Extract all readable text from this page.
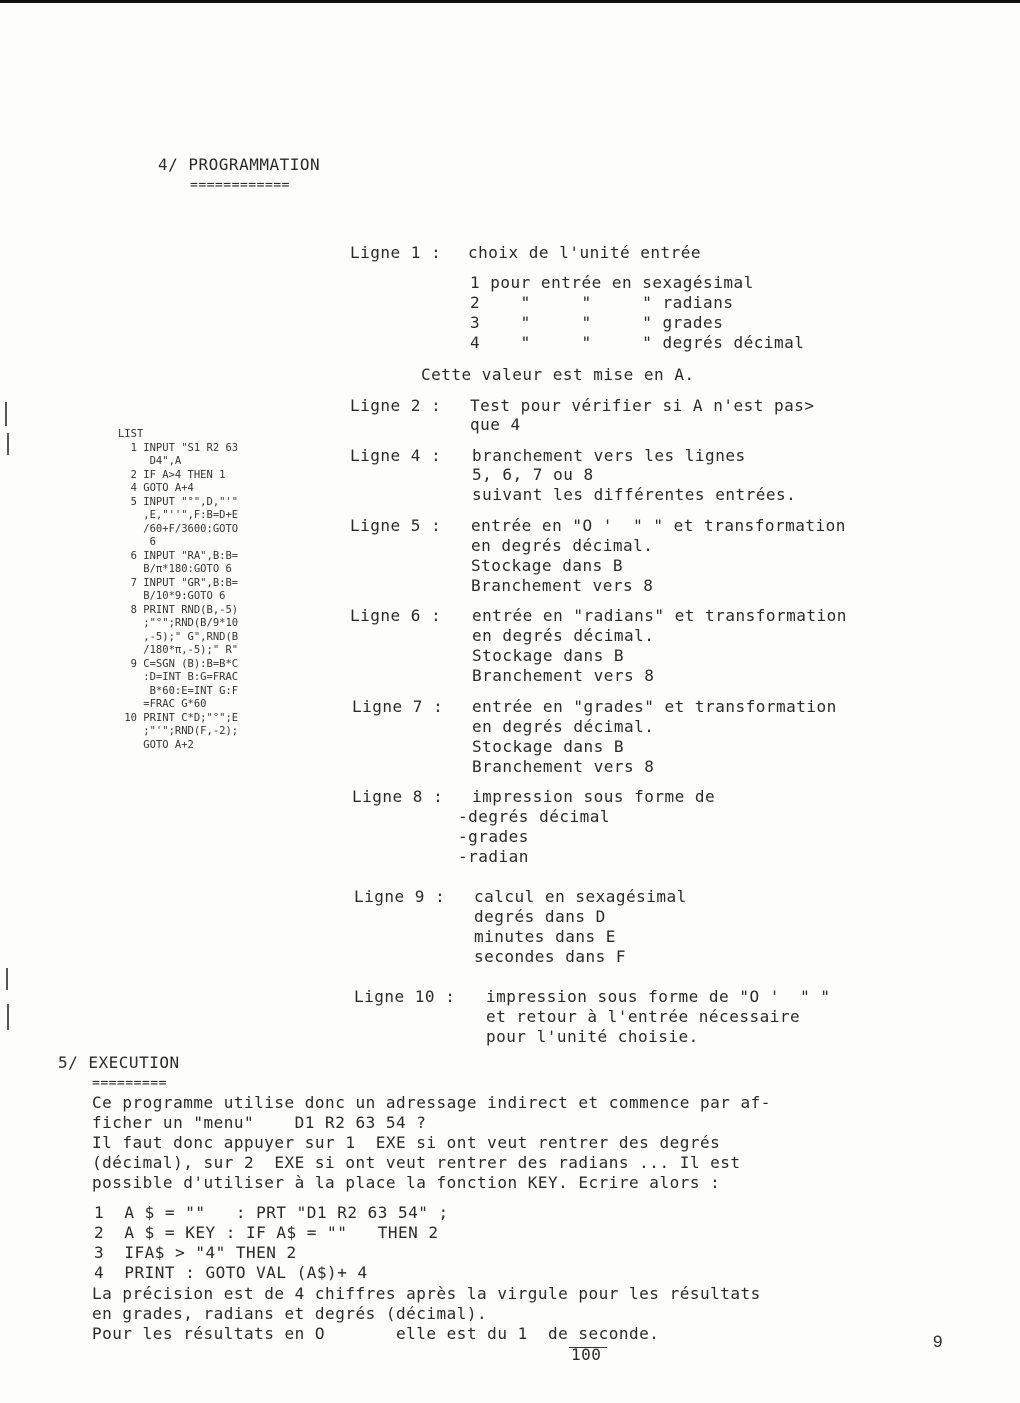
4/ PROGRAMMATION
============
Ligne 1 : choix de l'unité entrée
1 pour entrée en sexagésimal
2    "     "     " radians
3    "     "     " grades
4    "     "     " degrés décimal
Cette valeur est mise en A.
Ligne 2 : Test pour vérifier si A n'est pas>
que 4
Ligne 4 : branchement vers les lignes
5, 6, 7 ou 8
suivant les différentes entrées.
Ligne 5 : entrée en "O '  " " et transformation
en degrés décimal.
Stockage dans B
Branchement vers 8
Ligne 6 : entrée en "radians" et transformation
en degrés décimal.
Stockage dans B
Branchement vers 8
Ligne 7 : entrée en "grades" et transformation
en degrés décimal.
Stockage dans B
Branchement vers 8
Ligne 8 : impression sous forme de
-degrés décimal
-grades
-radian
Ligne 9 : calcul en sexagésimal
degrés dans D
minutes dans E
secondes dans F
Ligne 10 : impression sous forme de "O '  " "
et retour à l'entrée nécessaire
pour l'unité choisie.
LIST
1 INPUT "S1 R2 63
D4",A
2 IF A>4 THEN 1
4 GOTO A+4
5 INPUT "°",D,"'"
,E,"''",F:B=D+E
/60+F/3600:GOTO
6
6 INPUT "RA",B:B=
B/π*180:GOTO 6
7 INPUT "GR",B:B=
B/10*9:GOTO 6
8 PRINT RND(B,-5)
;"°";RND(B/9*10
,-5);" G",RND(B
/180*π,-5);" R"
9 C=SGN (B):B=B*C
:D=INT B:G=FRAC
B*60:E=INT G:F
=FRAC G*60
10 PRINT C*D;"°";E
;"'";RND(F,-2);
GOTO A+2
5/ EXECUTION
=========
Ce programme utilise donc un adressage indirect et commence par af-
ficher un "menu"    D1 R2 63 54 ?
Il faut donc appuyer sur 1  EXE si ont veut rentrer des degrés
(décimal), sur 2  EXE si ont veut rentrer des radians ... Il est
possible d'utiliser à la place la fonction KEY. Ecrire alors :
1  A $ = ""   : PRT "D1 R2 63 54" ;
2  A $ = KEY : IF A$ = ""   THEN 2
3  IFA$ > "4" THEN 2
4  PRINT : GOTO VAL (A$)+ 4
La précision est de 4 chiffres après la virgule pour les résultats
en grades, radians et degrés (décimal).
Pour les résultats en O       elle est du 1  de seconde.
100
9
